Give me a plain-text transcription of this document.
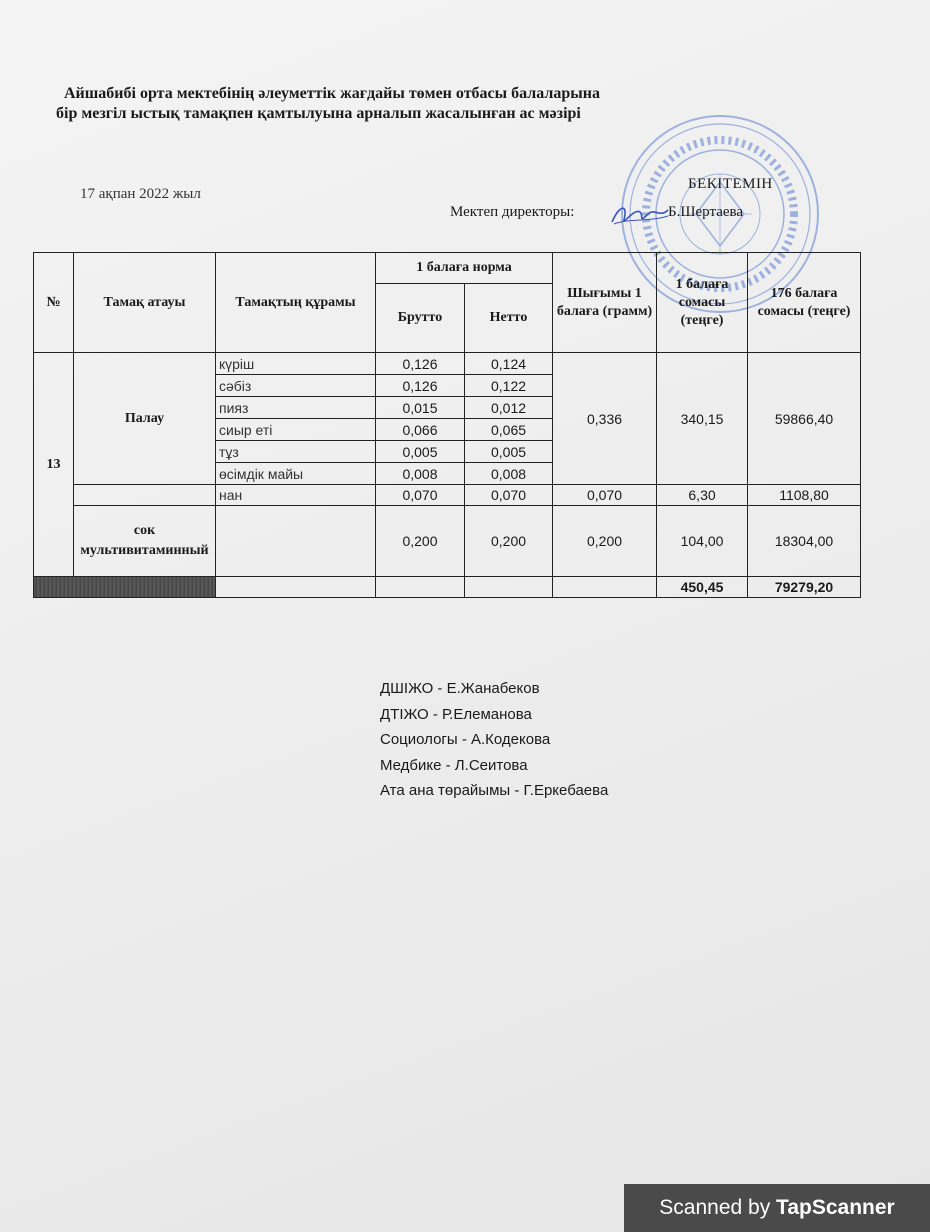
Айшабибі орта мектебінің әлеуметтік жағдайы төмен отбасы балаларына
бір мезгіл ыстық тамақпен қамтылуына арналып жасалынған ас мәзірі
17 ақпан 2022 жыл
БЕКІТЕМІН
Мектеп директоры:	Б.Шертаева
№	Тамақ атауы	Тамақтың құрамы	1 балаға норма		Шығымы 1 балаға (грамм)	1 балаға сомасы (теңге)	176 балаға сомасы (теңге)
			Брутто	Нетто			
13	Палау	күріш	0,126	0,124	0,336	340,15	59866,40
		сәбіз	0,126	0,122			
		пияз	0,015	0,012			
		сиыр еті	0,066	0,065			
		тұз	0,005	0,005			
		өсімдік майы	0,008	0,008			
		нан	0,070	0,070	0,070	6,30	1108,80
	сок мультивитаминный		0,200	0,200	0,200	104,00	18304,00
						450,45	79279,20
ДШІЖО - Е.Жанабеков
ДТІЖО - Р.Елеманова
Социологы - А.Кодекова
Медбике - Л.Сеитова
Ата ана төрайымы - Г.Еркебаева
Scanned by TapScanner
